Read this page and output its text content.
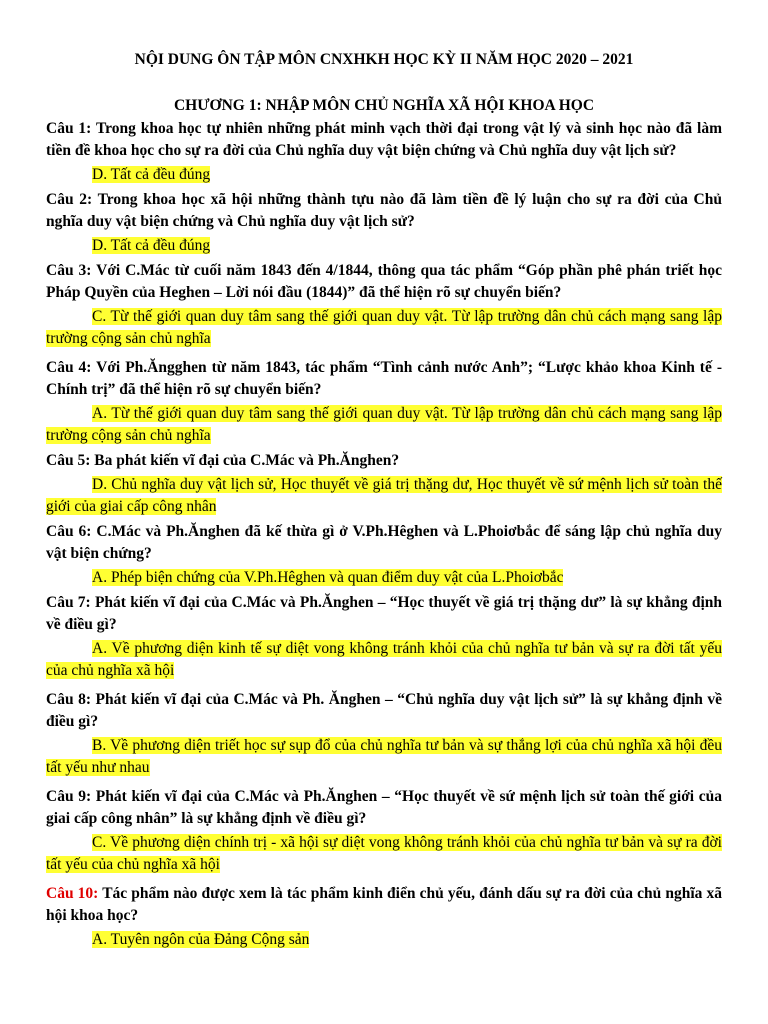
NỘI DUNG ÔN TẬP MÔN CNXHKH HỌC KỲ II NĂM HỌC 2020 – 2021

CHƯƠNG 1: NHẬP MÔN CHỦ NGHĨA XÃ HỘI KHOA HỌC

Câu 1: Trong khoa học tự nhiên những phát minh vạch thời đại trong vật lý và sinh học nào đã làm tiền đề khoa học cho sự ra đời của Chủ nghĩa duy vật biện chứng và Chủ nghĩa duy vật lịch sử?

D. Tất cả đều đúng

Câu 2: Trong khoa học xã hội những thành tựu nào đã làm tiền đề lý luận cho sự ra đời của Chủ nghĩa duy vật biện chứng và Chủ nghĩa duy vật lịch sử?

D. Tất cả đều đúng

Câu 3: Với C.Mác từ cuối năm 1843 đến 4/1844, thông qua tác phẩm “Góp phần phê phán triết học Pháp Quyền của Heghen – Lời nói đầu (1844)” đã thể hiện rõ sự chuyển biến?

C. Từ thế giới quan duy tâm sang thế giới quan duy vật. Từ lập trường dân chủ cách mạng sang lập trường cộng sản chủ nghĩa

Câu 4: Với Ph.Ăngghen từ năm 1843, tác phẩm “Tình cảnh nước Anh”; “Lược khảo khoa Kinh tế - Chính trị” đã thể hiện rõ sự chuyển biến?

A. Từ thế giới quan duy tâm sang thế giới quan duy vật. Từ lập trường dân chủ cách mạng sang lập trường cộng sản chủ nghĩa

Câu 5: Ba phát kiến vĩ đại của C.Mác và Ph.Ănghen?

D. Chủ nghĩa duy vật lịch sử, Học thuyết về giá trị thặng dư, Học thuyết về sứ mệnh lịch sử toàn thế giới của giai cấp công nhân

Câu 6: C.Mác và Ph.Ănghen đã kế thừa gì ở V.Ph.Hêghen và L.Phoiơbắc để sáng lập chủ nghĩa duy vật biện chứng?

A. Phép biện chứng của V.Ph.Hêghen và quan điểm duy vật của L.Phoiơbắc

Câu 7: Phát kiến vĩ đại của C.Mác và Ph.Ănghen – “Học thuyết về giá trị thặng dư” là sự khẳng định về điều gì?

A. Về phương diện kinh tế sự diệt vong không tránh khỏi của chủ nghĩa tư bản và sự ra đời tất yếu của chủ nghĩa xã hội

Câu 8: Phát kiến vĩ đại của C.Mác và Ph. Ănghen – “Chủ nghĩa duy vật lịch sử” là sự khẳng định về điều gì?

B. Về phương diện triết học sự sụp đổ của chủ nghĩa tư bản và sự thắng lợi của chủ nghĩa xã hội đều tất yếu như nhau

Câu 9: Phát kiến vĩ đại của C.Mác và Ph.Ănghen – “Học thuyết về sứ mệnh lịch sử toàn thế giới của giai cấp công nhân” là sự khẳng định về điều gì?

C. Về phương diện chính trị - xã hội sự diệt vong không tránh khỏi của chủ nghĩa tư bản và sự ra đời tất yếu của chủ nghĩa xã hội

Câu 10: Tác phẩm nào được xem là tác phẩm kinh điển chủ yếu, đánh dấu sự ra đời của chủ nghĩa xã hội khoa học?

A. Tuyên ngôn của Đảng Cộng sản
